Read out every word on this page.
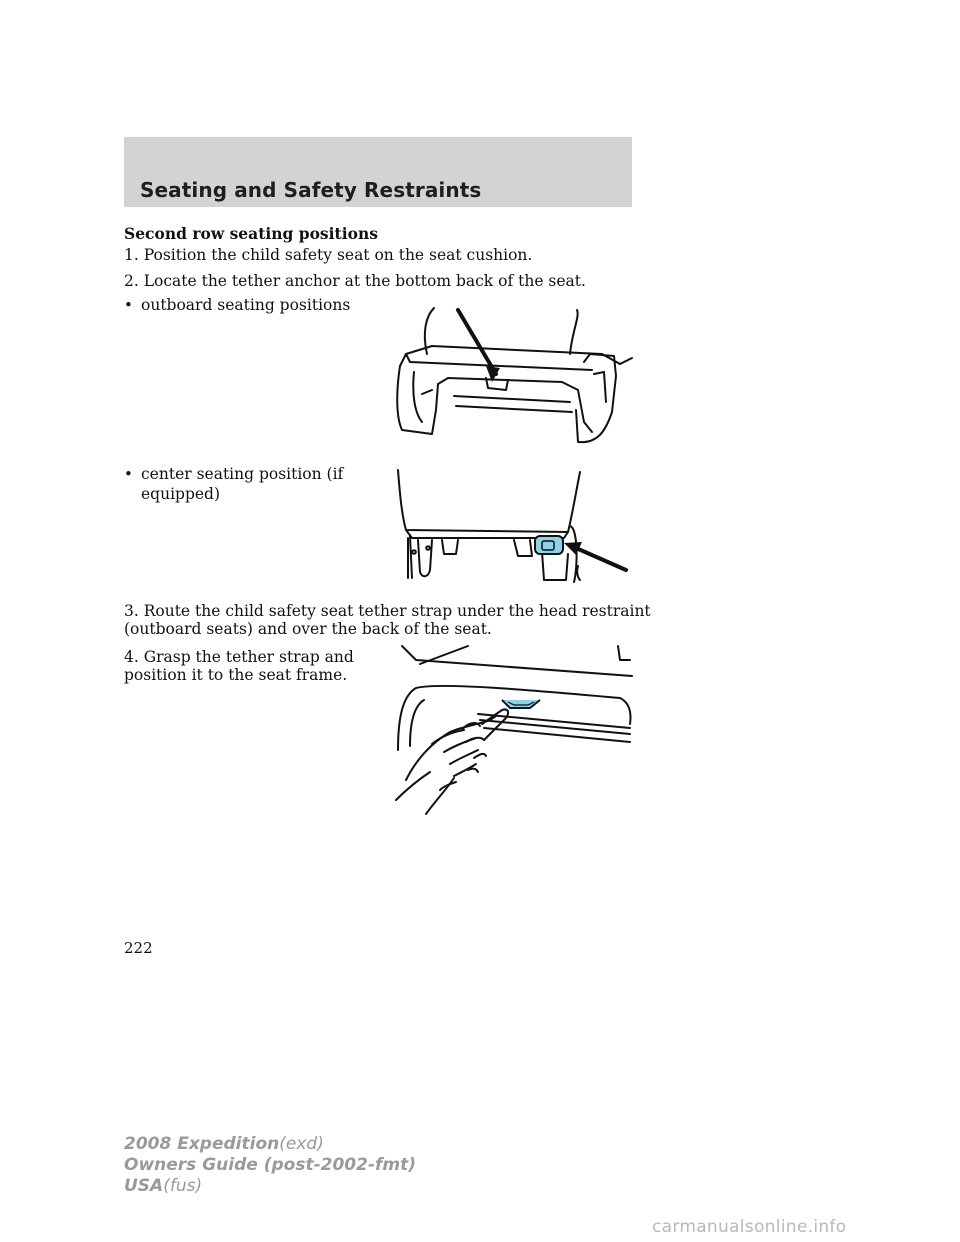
Seating and Safety Restraints
Second row seating positions
1. Position the child safety seat on the seat cushion.
2. Locate the tether anchor at the bottom back of the seat.
• outboard seating positions
• center seating position (if
equipped)
3. Route the child safety seat tether strap under the head restraint
(outboard seats) and over the back of the seat.
4. Grasp the tether strap and
position it to the seat frame.
222
2008 Expedition(exd)
Owners Guide (post-2002-fmt)
USA(fus)
carmanualsonline.info
